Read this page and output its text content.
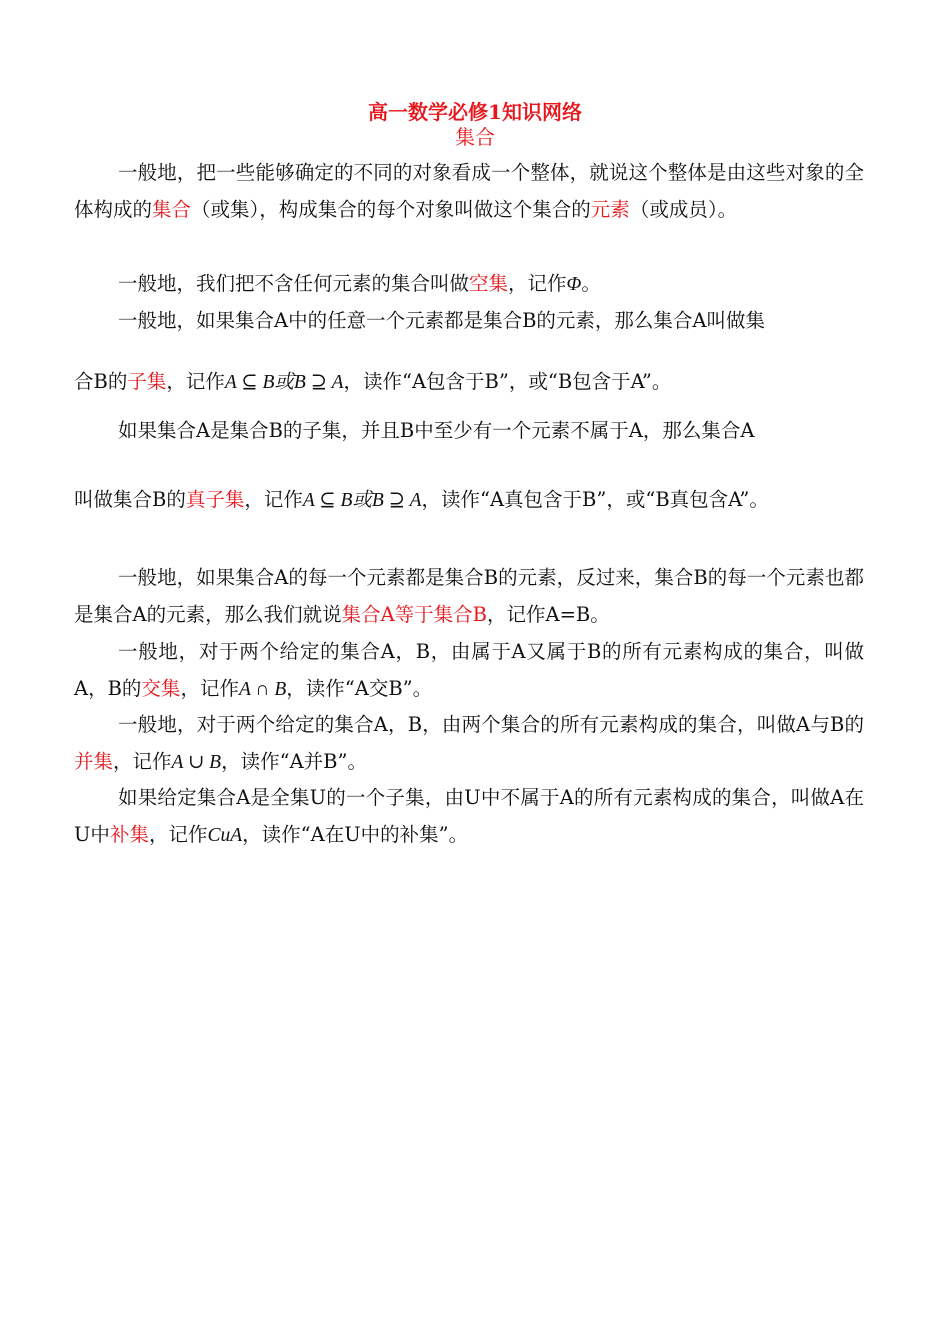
高一数学必修1知识网络
集合
一般地，把一些能够确定的不同的对象看成一个整体，就说这个整体是由这些对象的全体构成的集合（或集），构成集合的每个对象叫做这个集合的元素（或成员）。
一般地，我们把不含任何元素的集合叫做空集，记作Φ。
一般地，如果集合A中的任意一个元素都是集合B的元素，那么集合A叫做集
合B的子集，记作A ⊆ B或B ⊇ A，读作“A包含于B”，或“B包含于A”。
如果集合A是集合B的子集，并且B中至少有一个元素不属于A，那么集合A
叫做集合B的真子集，记作A ⊆ B或B ⊇ A，读作“A真包含于B”，或“B真包含A”。
一般地，如果集合A的每一个元素都是集合B的元素，反过来，集合B的每一个元素也都是集合A的元素，那么我们就说集合A等于集合B，记作A=B。
一般地，对于两个给定的集合A，B，由属于A又属于B的所有元素构成的集合，叫做A，B的交集，记作A ∩ B，读作“A交B”。
一般地，对于两个给定的集合A，B，由两个集合的所有元素构成的集合，叫做A与B的并集，记作A ∪ B，读作“A并B”。
如果给定集合A是全集U的一个子集，由U中不属于A的所有元素构成的集合，叫做A在U中补集，记作CuA，读作“A在U中的补集”。
